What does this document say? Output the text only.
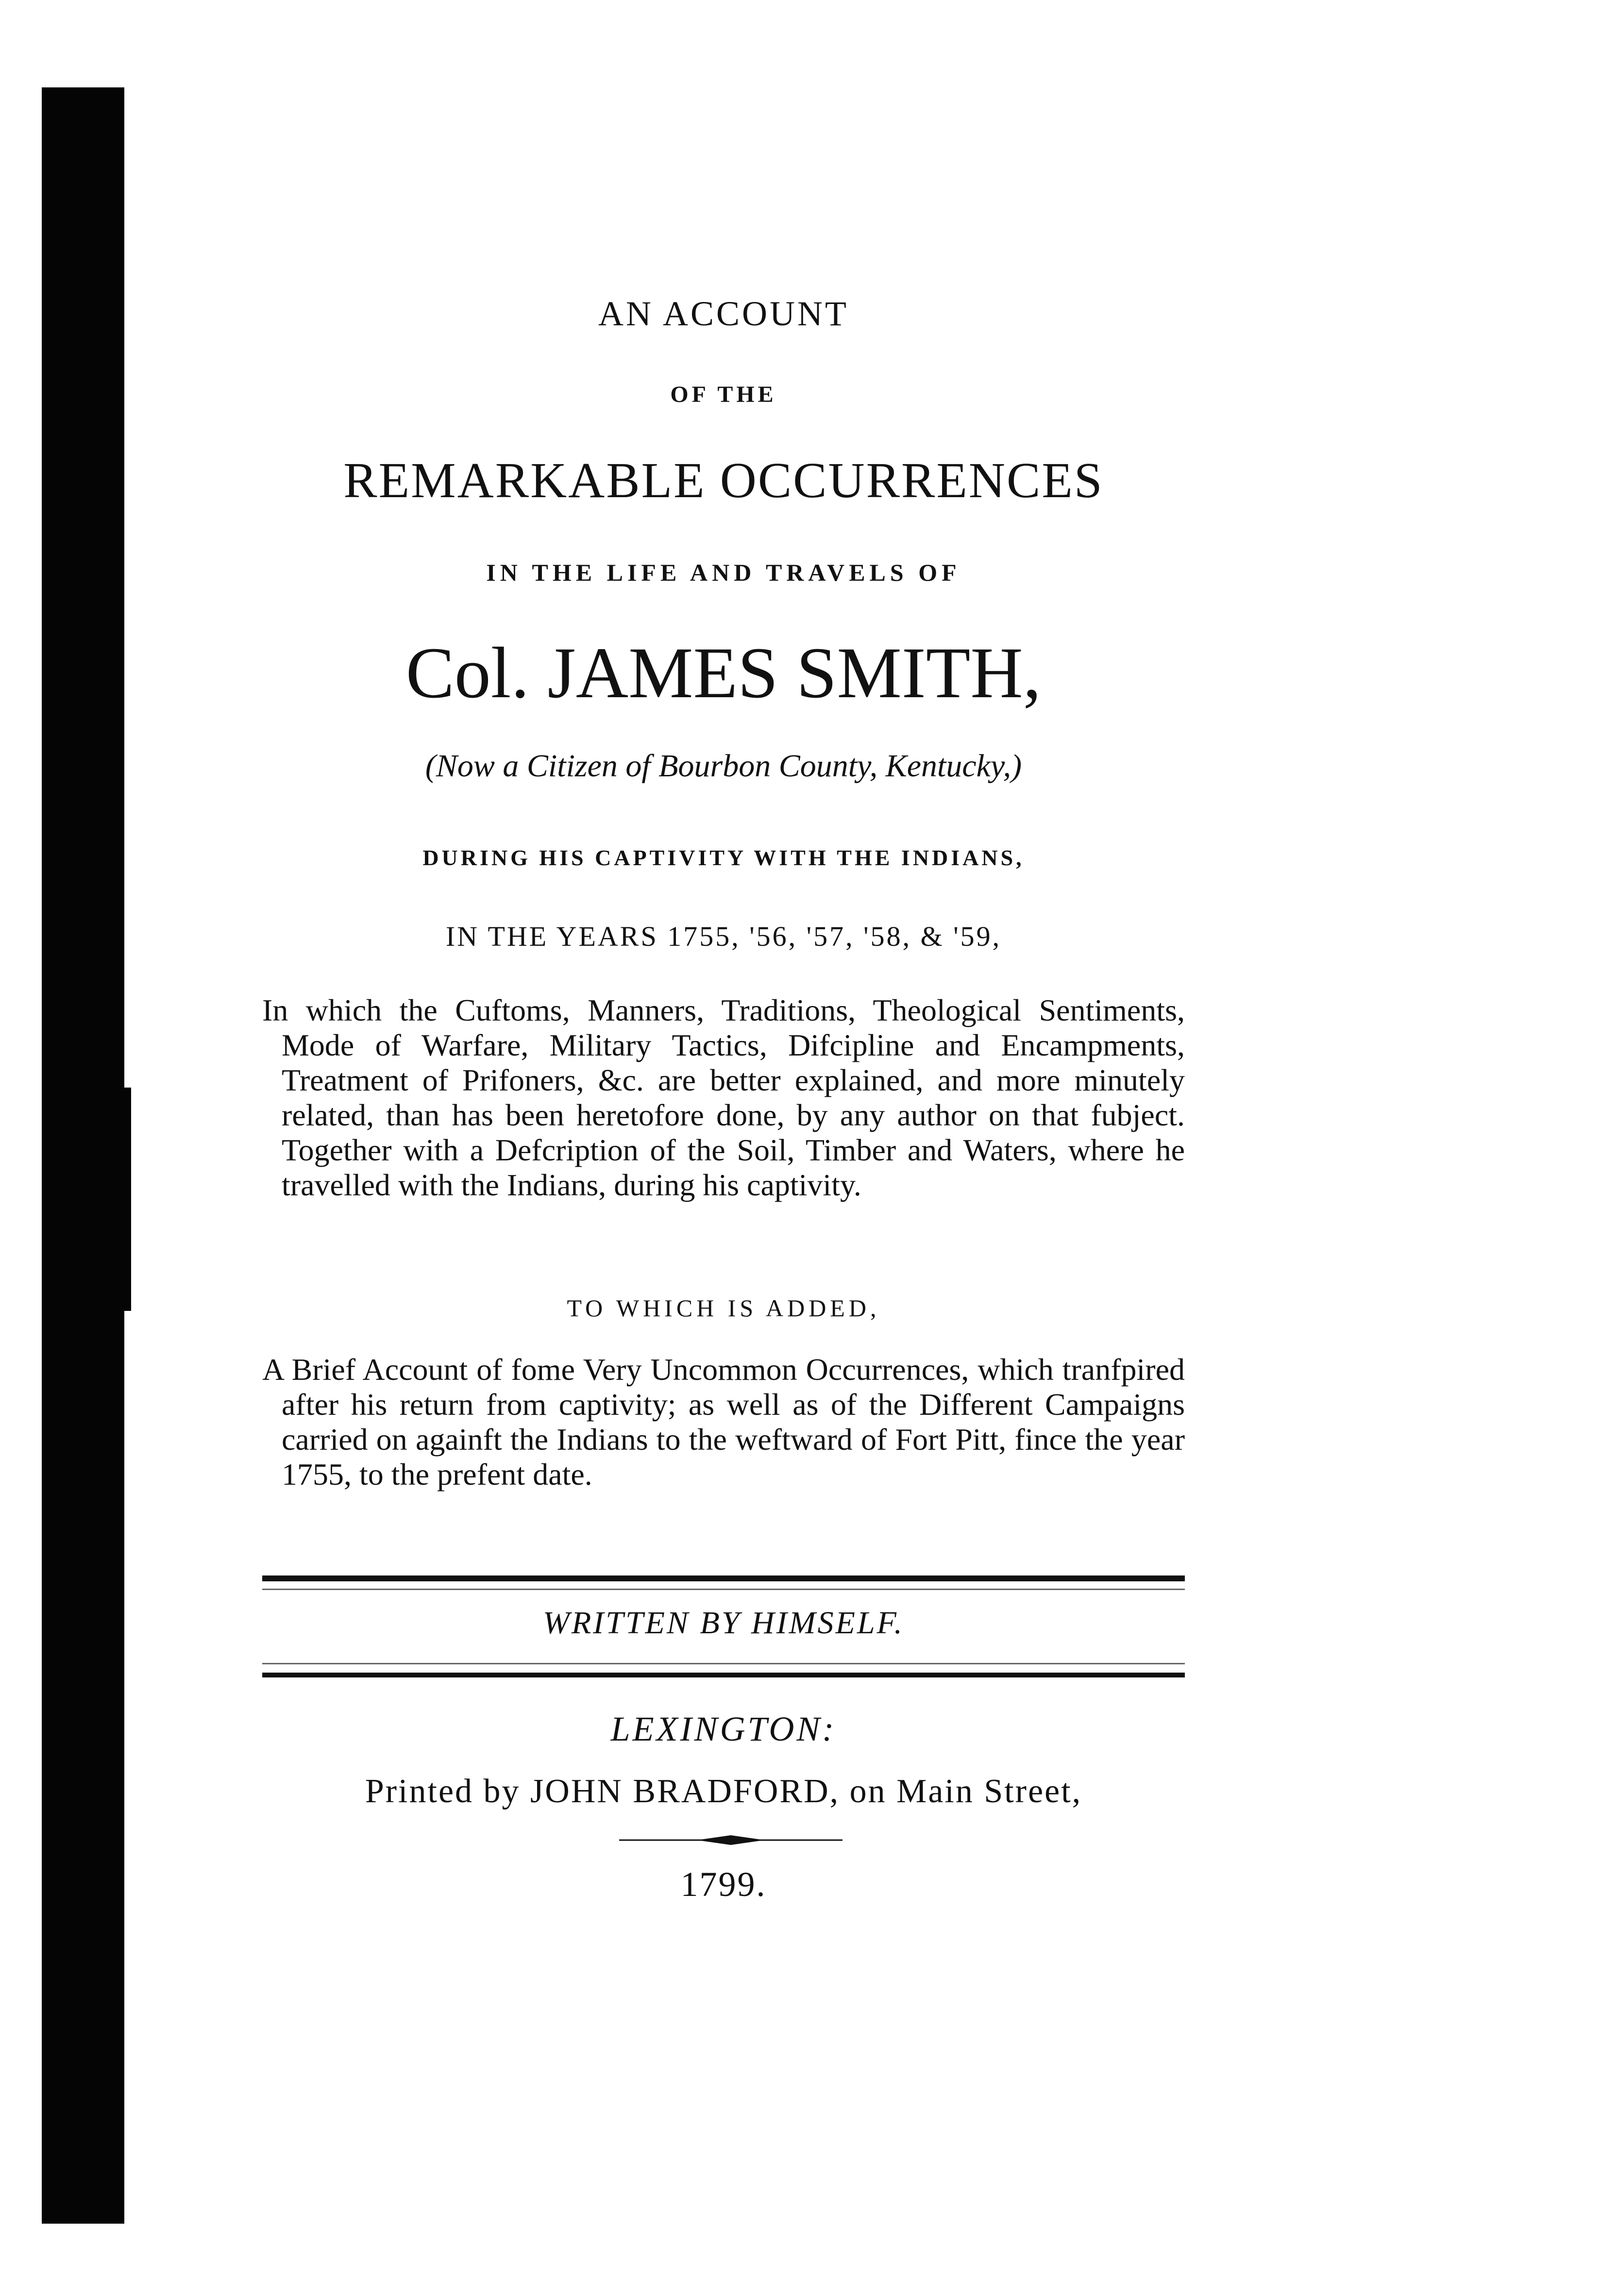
AN ACCOUNT
OF THE
REMARKABLE OCCURRENCES
IN THE LIFE AND TRAVELS OF
Col. JAMES SMITH,
(Now a Citizen of Bourbon County, Kentucky,)
DURING HIS CAPTIVITY WITH THE INDIANS,
IN THE YEARS 1755, '56, '57, '58, & '59,
In which the Cuftoms, Manners, Traditions, Theological Sentiments, Mode of Warfare, Military Tactics, Difcipline and Encampments, Treatment of Prifoners, &c. are better explained, and more minutely related, than has been heretofore done, by any author on that fubject. Together with a Defcription of the Soil, Timber and Waters, where he travelled with the Indians, during his captivity.
TO WHICH IS ADDED,
A Brief Account of fome Very Uncommon Occurrences, which tranfpired after his return from captivity; as well as of the Different Campaigns carried on againft the Indians to the weftward of Fort Pitt, fince the year 1755, to the prefent date.
WRITTEN BY HIMSELF.
LEXINGTON:
Printed by JOHN BRADFORD, on Main Street,
1799.
